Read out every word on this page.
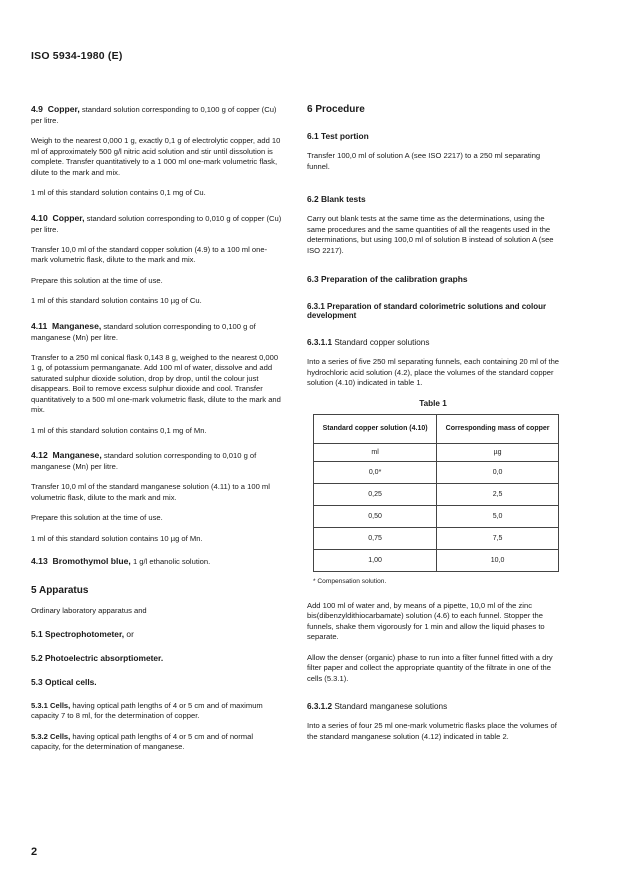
ISO 5934-1980 (E)
4.9 Copper, standard solution corresponding to 0,100 g of copper (Cu) per litre.

Weigh to the nearest 0,000 1 g, exactly 0,1 g of electrolytic copper, add 10 ml of approximately 500 g/l nitric acid solution and stir until dissolution is complete. Transfer quantitatively to a 1 000 ml one-mark volumetric flask, dilute to the mark and mix.

1 ml of this standard solution contains 0,1 mg of Cu.

4.10 Copper, standard solution corresponding to 0,010 g of copper (Cu) per litre.

Transfer 10,0 ml of the standard copper solution (4.9) to a 100 ml one-mark volumetric flask, dilute to the mark and mix.

Prepare this solution at the time of use.

1 ml of this standard solution contains 10 µg of Cu.

4.11 Manganese, standard solution corresponding to 0,100 g of manganese (Mn) per litre.

Transfer to a 250 ml conical flask 0,143 8 g, weighed to the nearest 0,000 1 g, of potassium permanganate. Add 100 ml of water, dissolve and add saturated sulphur dioxide solution, drop by drop, until the colour just disappears. Boil to remove excess sulphur dioxide and cool. Transfer quantitatively to a 500 ml one-mark volumetric flask, dilute to the mark and mix.

1 ml of this standard solution contains 0,1 mg of Mn.

4.12 Manganese, standard solution corresponding to 0,010 g of manganese (Mn) per litre.

Transfer 10,0 ml of the standard manganese solution (4.11) to a 100 ml volumetric flask, dilute to the mark and mix.

Prepare this solution at the time of use.

1 ml of this standard solution contains 10 µg of Mn.

4.13 Bromothymol blue, 1 g/l ethanolic solution.
5 Apparatus

Ordinary laboratory apparatus and

5.1 Spectrophotometer, or
5.2 Photoelectric absorptiometer.
5.3 Optical cells.

5.3.1 Cells, having optical path lengths of 4 or 5 cm and of maximum capacity 7 to 8 ml, for the determination of copper.

5.3.2 Cells, having optical path lengths of 4 or 5 cm and of normal capacity, for the determination of manganese.

6 Procedure
6.1 Test portion

Transfer 100,0 ml of solution A (see ISO 2217) to a 250 ml separating funnel.

6.2 Blank tests

Carry out blank tests at the same time as the determinations, using the same procedures and the same quantities of all the reagents used in the determinations, but using 100,0 ml of solution B instead of solution A (see ISO 2217).

6.3 Preparation of the calibration graphs
6.3.1 Preparation of standard colorimetric solutions and colour development
6.3.1.1 Standard copper solutions

Into a series of five 250 ml separating funnels, each containing 20 ml of the hydrochloric acid solution (4.2), place the volumes of the standard copper solution (4.10) indicated in table 1.

Table 1
Standard copper solution (4.10)	Corresponding mass of copper
ml	µg
0,0*	0,0
0,25	2,5
0,50	5,0
0,75	7,5
1,00	10,0
* Compensation solution.

Add 100 ml of water and, by means of a pipette, 10,0 ml of the zinc bis(dibenzyldithiocarbamate) solution (4.6) to each funnel. Stopper the funnels, shake them vigorously for 1 min and allow the liquid phases to separate.

Allow the denser (organic) phase to run into a filter funnel fitted with a dry filter paper and collect the appropriate quantity of the filtrate in one of the cells (5.3.1).

6.3.1.2 Standard manganese solutions

Into a series of four 25 ml one-mark volumetric flasks place the volumes of the standard manganese solution (4.12) indicated in table 2.

2
